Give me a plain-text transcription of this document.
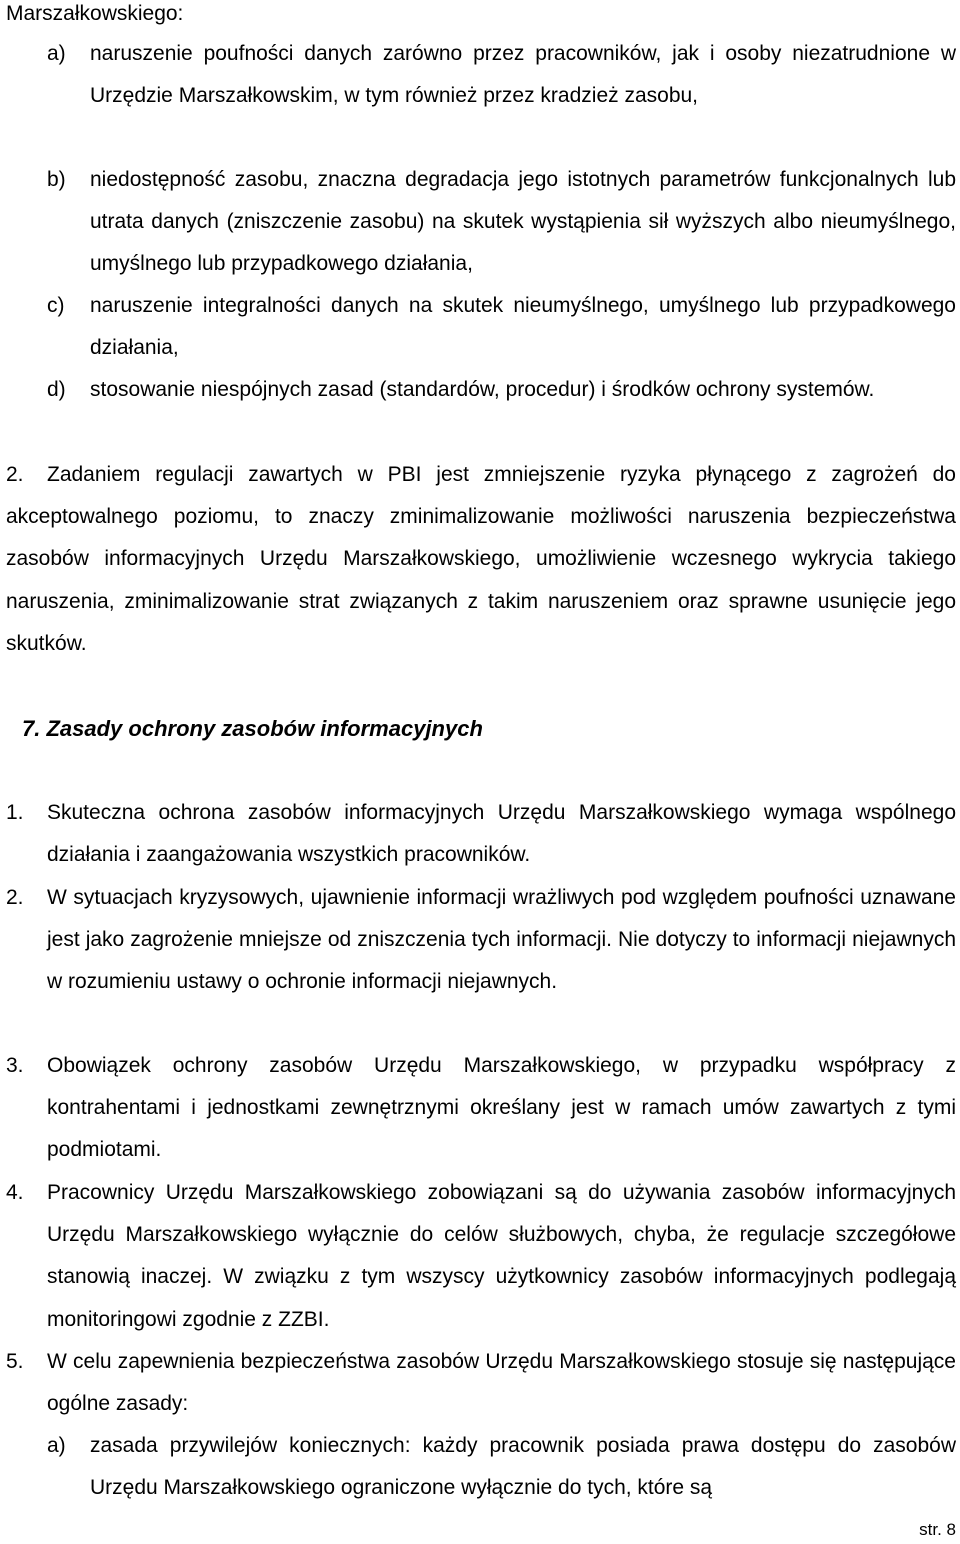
Marszałkowskiego:
a) naruszenie poufności danych zarówno przez pracowników, jak i osoby niezatrudnione w Urzędzie Marszałkowskim, w tym również przez kradzież zasobu,
b) niedostępność zasobu, znaczna degradacja jego istotnych parametrów funkcjonalnych lub utrata danych (zniszczenie zasobu) na skutek wystąpienia sił wyższych albo nieumyślnego, umyślnego lub przypadkowego działania,
c) naruszenie integralności danych na skutek nieumyślnego, umyślnego lub przypadkowego działania,
d) stosowanie niespójnych zasad (standardów, procedur) i środków ochrony systemów.
2.	Zadaniem regulacji zawartych w PBI jest zmniejszenie ryzyka płynącego z zagrożeń do akceptowalnego poziomu, to znaczy zminimalizowanie możliwości naruszenia bezpieczeństwa zasobów informacyjnych Urzędu Marszałkowskiego, umożliwienie wczesnego wykrycia takiego naruszenia, zminimalizowanie strat związanych z takim naruszeniem oraz sprawne usunięcie jego skutków.
7. Zasady ochrony zasobów informacyjnych
1. Skuteczna ochrona zasobów informacyjnych Urzędu Marszałkowskiego wymaga wspólnego działania i zaangażowania wszystkich pracowników.
2. W sytuacjach kryzysowych, ujawnienie informacji wrażliwych pod względem poufności uznawane jest jako zagrożenie mniejsze od zniszczenia tych informacji. Nie dotyczy to informacji niejawnych w rozumieniu ustawy o ochronie informacji niejawnych.
3. Obowiązek ochrony zasobów Urzędu Marszałkowskiego, w przypadku współpracy z kontrahentami i jednostkami zewnętrznymi określany jest w ramach umów zawartych z tymi podmiotami.
4. Pracownicy Urzędu Marszałkowskiego zobowiązani są do używania zasobów informacyjnych Urzędu Marszałkowskiego wyłącznie do celów służbowych, chyba, że regulacje szczegółowe stanowią inaczej. W związku z tym wszyscy użytkownicy zasobów informacyjnych podlegają monitoringowi zgodnie z ZZBI.
5. W celu zapewnienia bezpieczeństwa zasobów Urzędu Marszałkowskiego stosuje się następujące ogólne zasady:
a) zasada przywilejów koniecznych: każdy pracownik posiada prawa dostępu do zasobów Urzędu Marszałkowskiego ograniczone wyłącznie do tych, które są
str. 8
